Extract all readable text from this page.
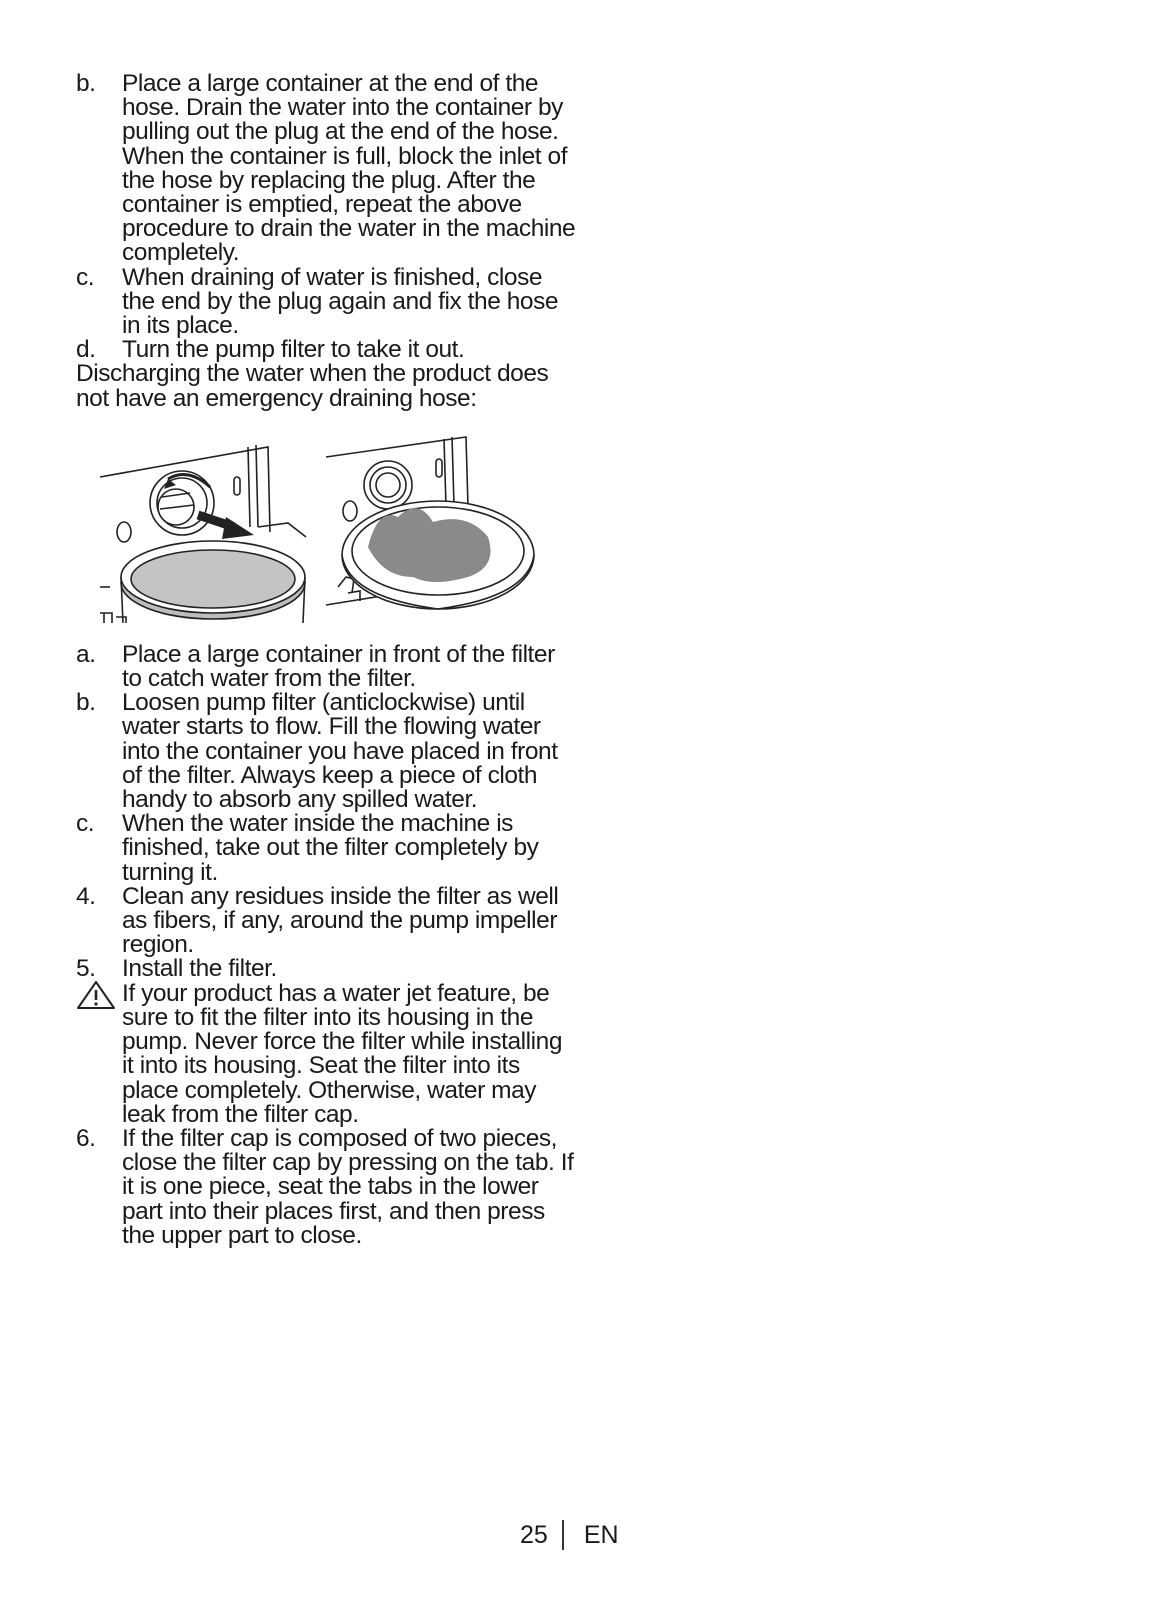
b.	Place a large container at the end of the hose. Drain the water into the container by pulling out the plug at the end of the hose. When the container is full, block the inlet of the hose by replacing the plug. After the container is emptied, repeat the above procedure to drain the water in the machine completely.
c.	When draining of water is finished, close the end by the plug again and fix the hose in its place.
d.	Turn the pump filter to take it out.
Discharging the water when the product does not have an emergency draining hose:
a.	Place a large container in front of the filter to catch water from the filter.
b.	Loosen pump filter (anticlockwise) until water starts to flow. Fill the flowing water into the container you have placed in front of the filter. Always keep a piece of cloth handy to absorb any spilled water.
c.	When the water inside the machine is finished, take out the filter completely by turning it.
4.	Clean any residues inside the filter as well as fibers, if any, around the pump impeller region.
5.	Install the filter.
If your product has a water jet feature, be sure to fit the filter into its housing in the pump. Never force the filter while installing it into its housing. Seat the filter into its place completely. Otherwise, water may leak from the filter cap.
6.	If the filter cap is composed of two pieces, close the filter cap by pressing on the tab. If it is one piece, seat the tabs in the lower part into their places first, and then press the upper part to close.
25 EN
